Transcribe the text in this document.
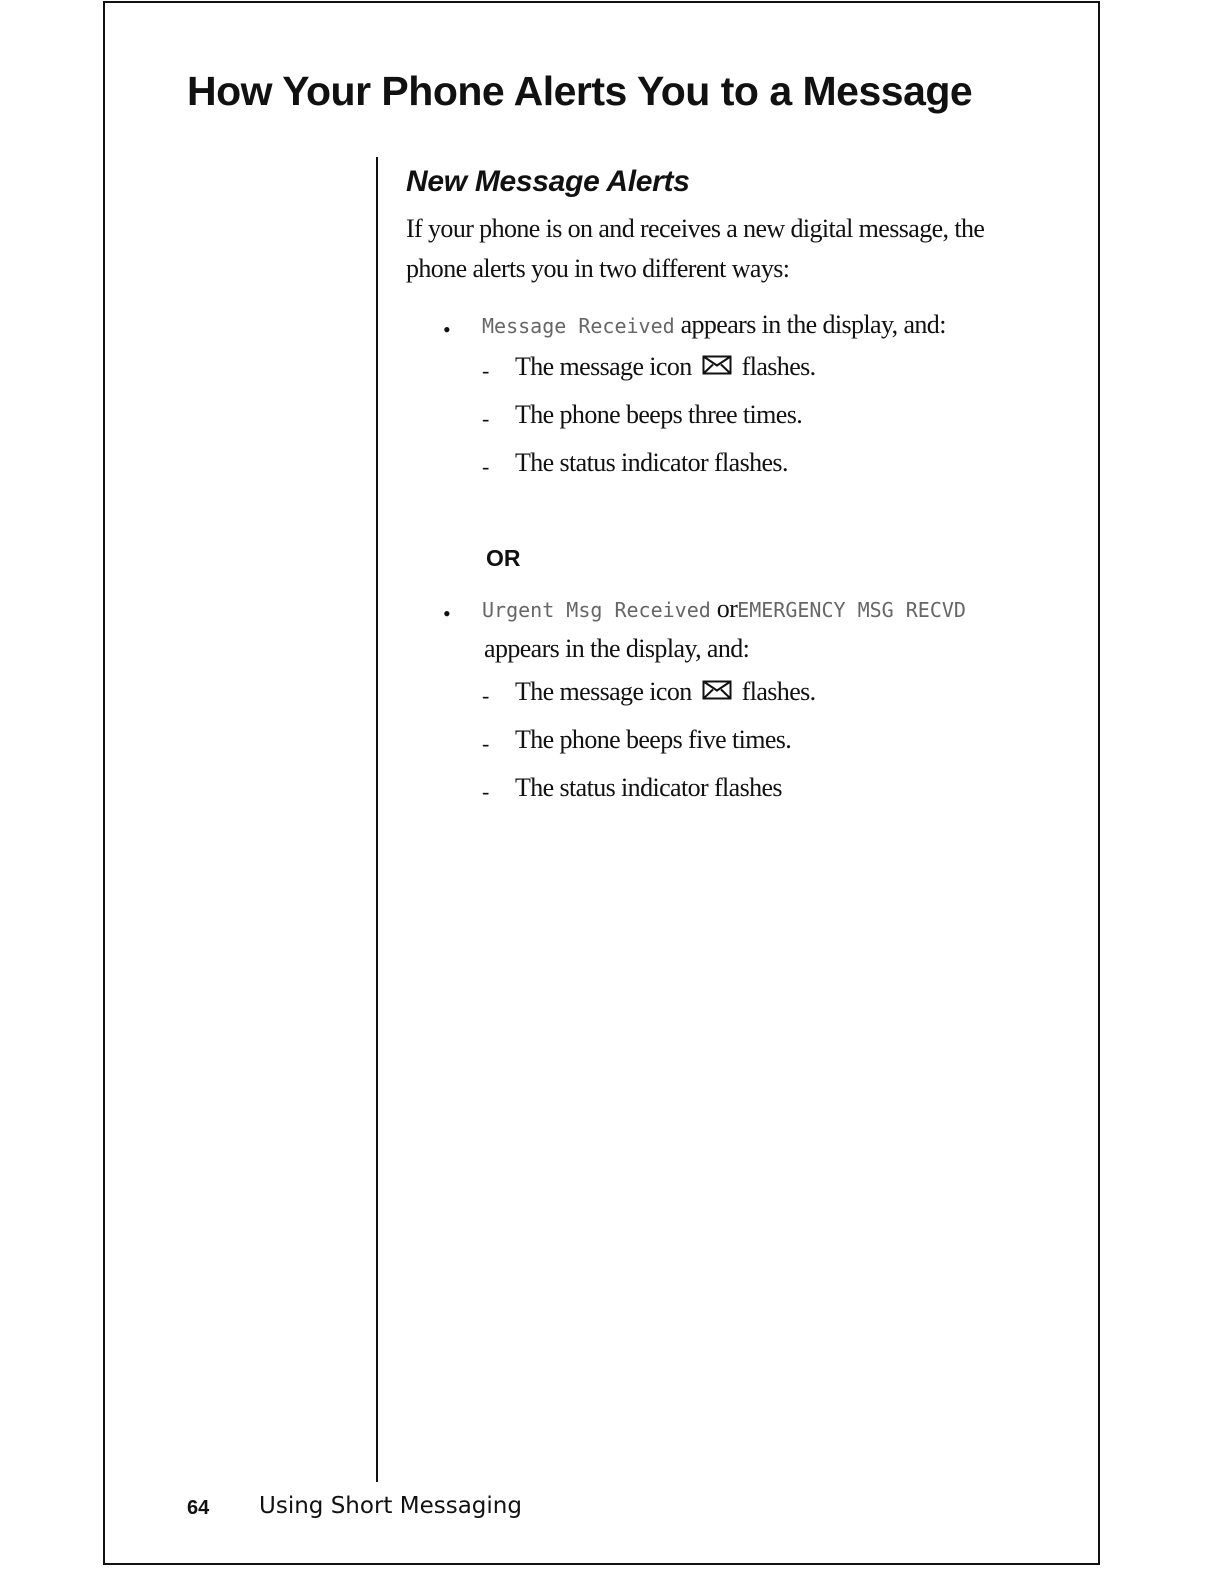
How Your Phone Alerts You to a Message
New Message Alerts

If your phone is on and receives a new digital message, the phone alerts you in two different ways:

• Message Received appears in the display, and:
- The message icon flashes.
- The phone beeps three times.
- The status indicator flashes.
OR
• Urgent Msg Received orEMERGENCY MSG RECVD
appears in the display, and:
- The message icon flashes.
- The phone beeps five times.
- The status indicator flashes
64 Using Short Messaging
